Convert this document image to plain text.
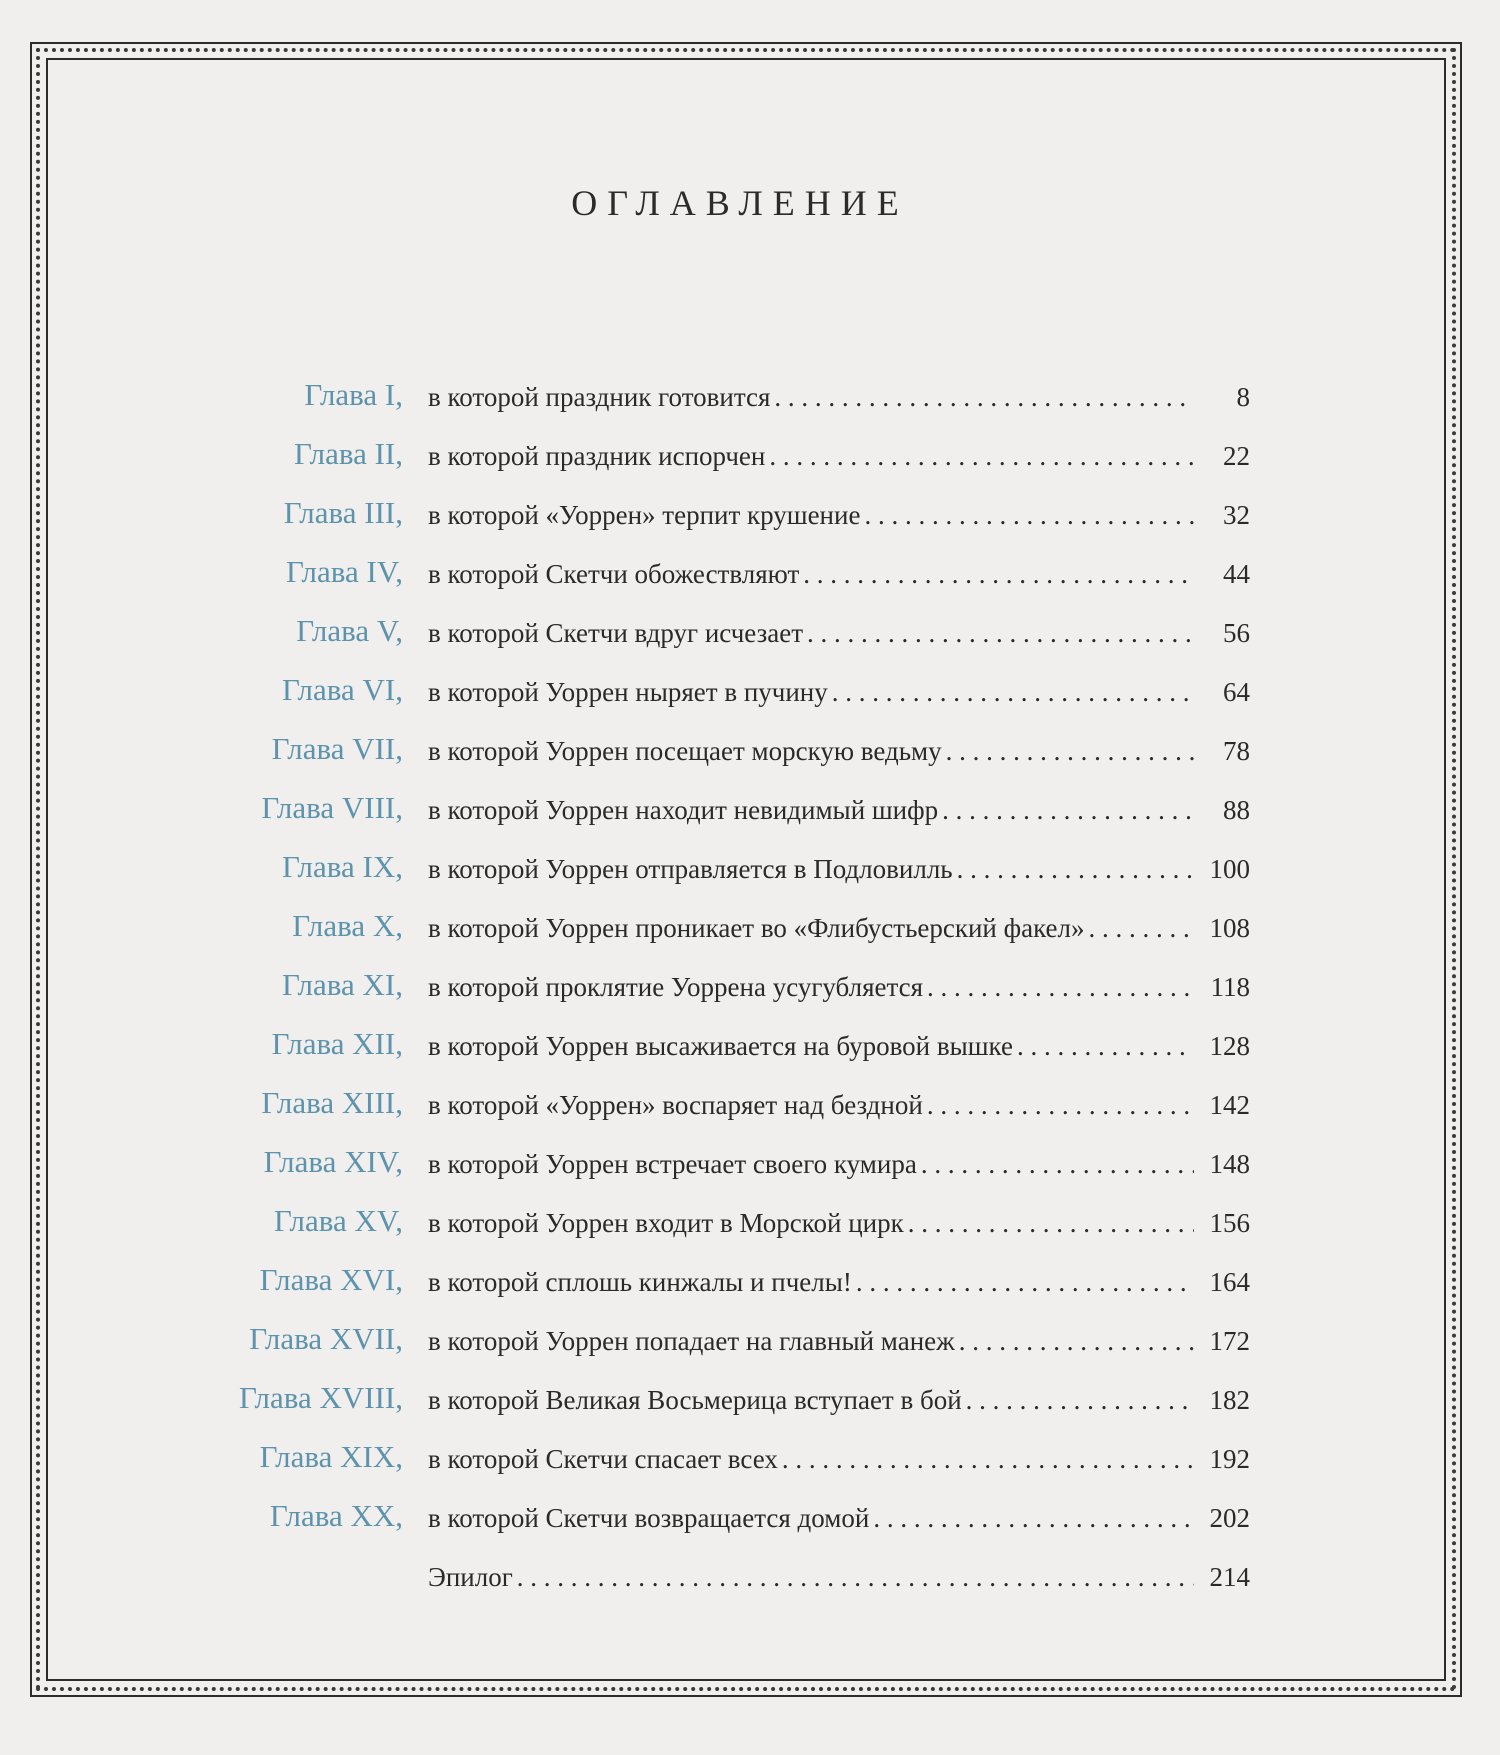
ОГЛАВЛЕНИЕ
Глава I, в которой праздник готовится . . .	8
Глава II, в которой праздник испорчен . . .	22
Глава III, в которой «Уоррен» терпит крушение . . .	32
Глава IV, в которой Скетчи обожествляют . . .	44
Глава V, в которой Скетчи вдруг исчезает . . .	56
Глава VI, в которой Уоррен ныряет в пучину . . .	64
Глава VII, в которой Уоррен посещает морскую ведьму . . .	78
Глава VIII, в которой Уоррен находит невидимый шифр . . .	88
Глава IX, в которой Уоррен отправляется в Подловилль . . .	100
Глава X, в которой Уоррен проникает во «Флибустьерский факел» . . .	108
Глава XI, в которой проклятие Уоррена усугубляется . . .	118
Глава XII, в которой Уоррен высаживается на буровой вышке . . .	128
Глава XIII, в которой «Уоррен» воспаряет над бездной . . .	142
Глава XIV, в которой Уоррен встречает своего кумира . . .	148
Глава XV, в которой Уоррен входит в Морской цирк . . .	156
Глава XVI, в которой сплошь кинжалы и пчелы! . . .	164
Глава XVII, в которой Уоррен попадает на главный манеж . . .	172
Глава XVIII, в которой Великая Восьмерица вступает в бой . . .	182
Глава XIX, в которой Скетчи спасает всех . . .	192
Глава XX, в которой Скетчи возвращается домой . . .	202
Эпилог . . .	214
